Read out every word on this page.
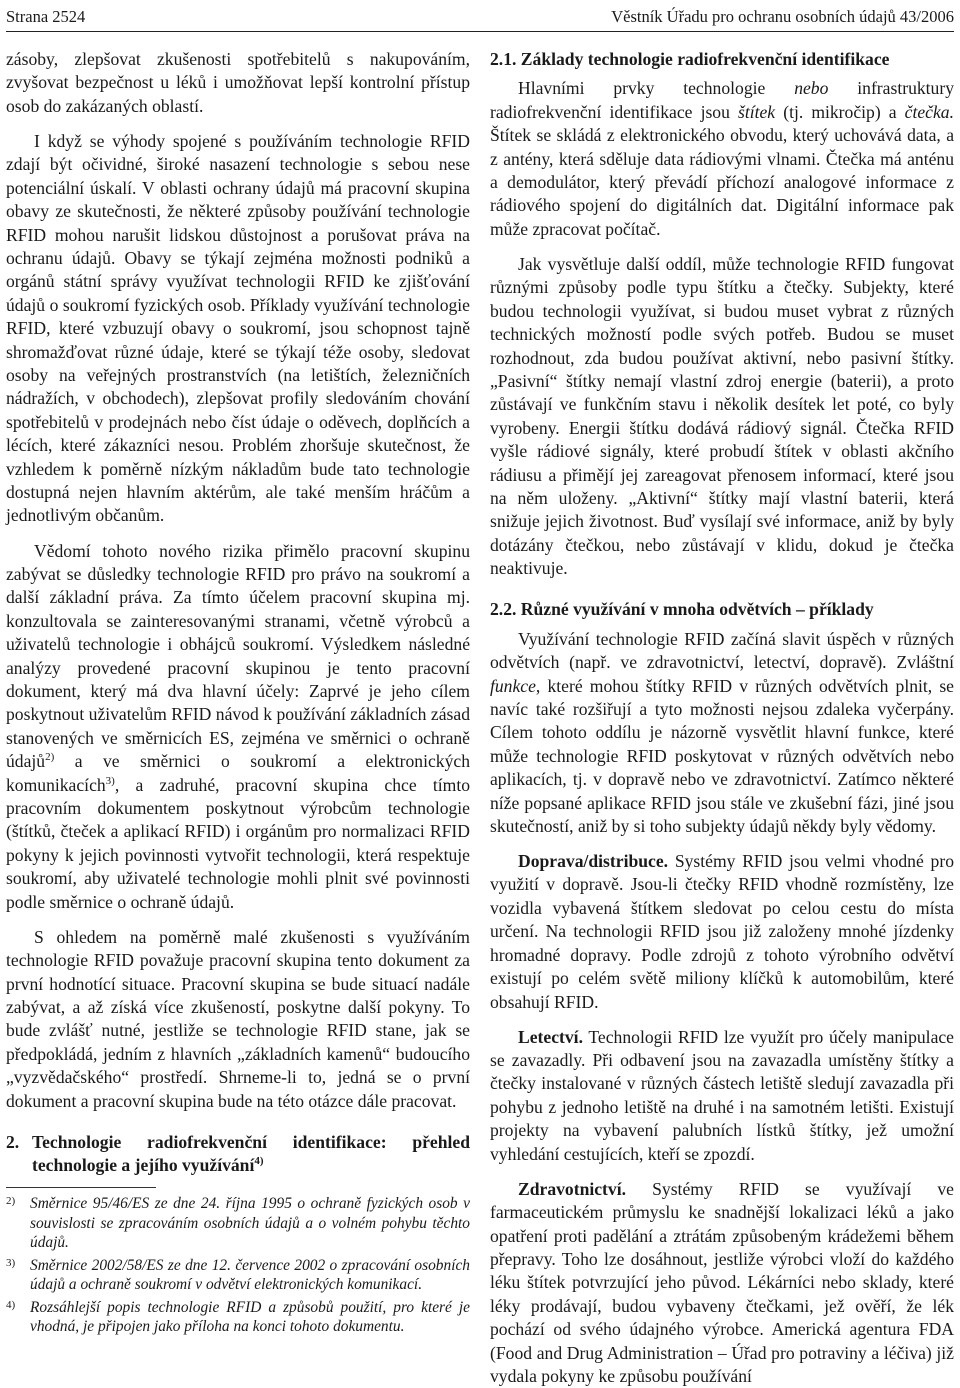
Strana 2524	Věstník Úřadu pro ochranu osobních údajů 43/2006

zásoby, zlepšovat zkušenosti spotřebitelů s nakupováním, zvyšovat bezpečnost u léků i umožňovat lepší kontrolní přístup osob do zakázaných oblastí.

I když se výhody spojené s používáním technologie RFID zdají být očividné, široké nasazení technologie s sebou nese potenciální úskalí. V oblasti ochrany údajů má pracovní skupina obavy ze skutečnosti, že některé způsoby používání technologie RFID mohou narušit lidskou důstojnost a porušovat práva na ochranu údajů. Obavy se týkají zejména možnosti podniků a orgánů státní správy využívat technologii RFID ke zjišťování údajů o soukromí fyzických osob. Příklady využívání technologie RFID, které vzbuzují obavy o soukromí, jsou schopnost tajně shromažďovat různé údaje, které se týkají téže osoby, sledovat osoby na veřejných prostranstvích (na letištích, železničních nádražích, v obchodech), zlepšovat profily sledováním chování spotřebitelů v prodejnách nebo číst údaje o oděvech, doplňcích a lécích, které zákazníci nesou. Problém zhoršuje skutečnost, že vzhledem k poměrně nízkým nákladům bude tato technologie dostupná nejen hlavním aktérům, ale také menším hráčům a jednotlivým občanům.

Vědomí tohoto nového rizika přimělo pracovní skupinu zabývat se důsledky technologie RFID pro právo na soukromí a další základní práva. Za tímto účelem pracovní skupina mj. konzultovala se zainteresovanými stranami, včetně výrobců a uživatelů technologie i obhájců soukromí. Výsledkem následné analýzy provedené pracovní skupinou je tento pracovní dokument, který má dva hlavní účely: Zaprvé je jeho cílem poskytnout uživatelům RFID návod k používání základních zásad stanovených ve směrnicích ES, zejména ve směrnici o ochraně údajů$^{2)}$ a ve směrnici o soukromí a elektronických komunikacích$^{3)}$, a zadruhé, pracovní skupina chce tímto pracovním dokumentem poskytnout výrobcům technologie (štítků, čteček a aplikací RFID) i orgánům pro normalizaci RFID pokyny k jejich povinnosti vytvořit technologii, která respektuje soukromí, aby uživatelé technologie mohli plnit své povinnosti podle směrnice o ochraně údajů.

S ohledem na poměrně malé zkušenosti s využíváním technologie RFID považuje pracovní skupina tento dokument za první hodnotící situace. Pracovní skupina se bude situací nadále zabývat, a až získá více zkušeností, poskytne další pokyny. To bude zvlášť nutné, jestliže se technologie RFID stane, jak se předpokládá, jedním z hlavních „základních kamenů“ budoucího „vyzvědačského“ prostředí. Shrneme-li to, jedná se o první dokument a pracovní skupina bude na této otázce dále pracovat.

2. Technologie radiofrekvenční identifikace: přehled technologie a jejího využívání$^{4)}$
2) Směrnice 95/46/ES ze dne 24. října 1995 o ochraně fyzických osob v souvislosti se zpracováním osobních údajů a o volném pohybu těchto údajů.
3) Směrnice 2002/58/ES ze dne 12. července 2002 o zpracování osobních údajů a ochraně soukromí v odvětví elektronických komunikací.
4) Rozsáhlejší popis technologie RFID a způsobů použití, pro které je vhodná, je připojen jako příloha na konci tohoto dokumentu.
2.1. Základy technologie radiofrekvenční identifikace

Hlavními prvky technologie nebo infrastruktury radiofrekvenční identifikace jsou štítek (tj. mikročip) a čtečka. Štítek se skládá z elektronického obvodu, který uchovává data, a z antény, která sděluje data rádiovými vlnami. Čtečka má anténu a demodulátor, který převádí příchozí analogové informace z rádiového spojení do digitálních dat. Digitální informace pak může zpracovat počítač.

Jak vysvětluje další oddíl, může technologie RFID fungovat různými způsoby podle typu štítku a čtečky. Subjekty, které budou technologii využívat, si budou muset vybrat z různých technických možností podle svých potřeb. Budou se muset rozhodnout, zda budou používat aktivní, nebo pasivní štítky. „Pasivní“ štítky nemají vlastní zdroj energie (baterii), a proto zůstávají ve funkčním stavu i několik desítek let poté, co byly vyrobeny. Energii štítku dodává rádiový signál. Čtečka RFID vyšle rádiové signály, které probudí štítek v oblasti akčního rádiusu a přimějí jej zareagovat přenosem informací, které jsou na něm uloženy. „Aktivní“ štítky mají vlastní baterii, která snižuje jejich životnost. Buď vysílají své informace, aniž by byly dotázány čtečkou, nebo zůstávají v klidu, dokud je čtečka neaktivuje.

2.2. Různé využívání v mnoha odvětvích – příklady

Využívání technologie RFID začíná slavit úspěch v různých odvětvích (např. ve zdravotnictví, letectví, dopravě). Zvláštní funkce, které mohou štítky RFID v různých odvětvích plnit, se navíc také rozšiřují a tyto možnosti nejsou zdaleka vyčerpány. Cílem tohoto oddílu je názorně vysvětlit hlavní funkce, které může technologie RFID poskytovat v různých odvětvích nebo aplikacích, tj. v dopravě nebo ve zdravotnictví. Zatímco některé níže popsané aplikace RFID jsou stále ve zkušební fázi, jiné jsou skutečností, aniž by si toho subjekty údajů někdy byly vědomy.

Doprava/distribuce. Systémy RFID jsou velmi vhodné pro využití v dopravě. Jsou-li čtečky RFID vhodně rozmístěny, lze vozidla vybavená štítkem sledovat po celou cestu do místa určení. Na technologii RFID jsou již založeny mnohé jízdenky hromadné dopravy. Podle zdrojů z tohoto výrobního odvětví existují po celém světě miliony klíčků k automobilům, které obsahují RFID.

Letectví. Technologii RFID lze využít pro účely manipulace se zavazadly. Při odbavení jsou na zavazadla umístěny štítky a čtečky instalované v různých částech letiště sledují zavazadla při pohybu z jednoho letiště na druhé i na samotném letišti. Existují projekty na vybavení palubních lístků štítky, jež umožní vyhledání cestujících, kteří se zpozdí.

Zdravotnictví. Systémy RFID se využívají ve farmaceutickém průmyslu ke snadnější lokalizaci léků a jako opatření proti padělání a ztrátám způsobeným krádežemi během přepravy. Toho lze dosáhnout, jestliže výrobci vloží do každého léku štítek potvrzující jeho původ. Lékárníci nebo sklady, které léky prodávají, budou vybaveny čtečkami, jež ověří, že lék pochází od svého údajného výrobce. Americká agentura FDA (Food and Drug Administration – Úřad pro potraviny a léčiva) již vydala pokyny ke způsobu používání
